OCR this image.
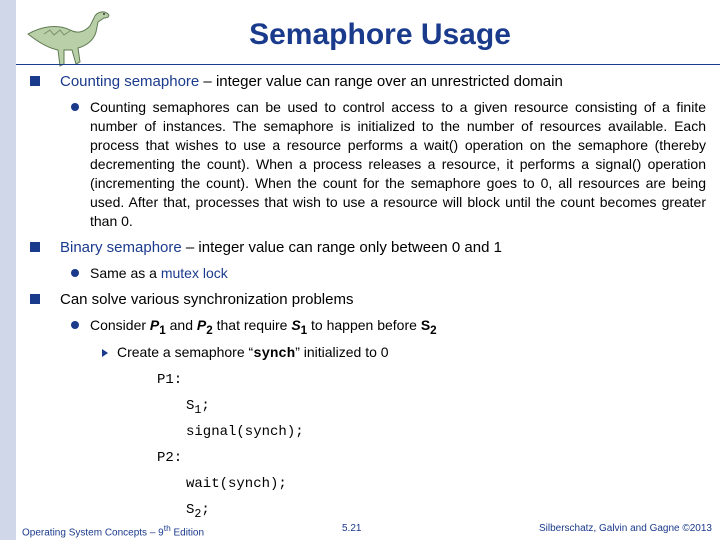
Semaphore Usage
Counting semaphore – integer value can range over an unrestricted domain
Counting semaphores can be used to control access to a given resource consisting of a finite number of instances. The semaphore is initialized to the number of resources available. Each process that wishes to use a resource performs a wait() operation on the semaphore (thereby decrementing the count). When a process releases a resource, it performs a signal() operation (incrementing the count). When the count for the semaphore goes to 0, all resources are being used. After that, processes that wish to use a resource will block until the count becomes greater than 0.
Binary semaphore – integer value can range only between 0 and 1
Same as a mutex lock
Can solve various synchronization problems
Consider $P_1$ and $P_2$ that require $S_1$ to happen before $S_2$
Create a semaphore “synch” initialized to 0
P1:
$S_1$;
signal(synch);
P2:
wait(synch);
$S_2$;
Operating System Concepts – 9th Edition	5.21	Silberschatz, Galvin and Gagne ©2013
